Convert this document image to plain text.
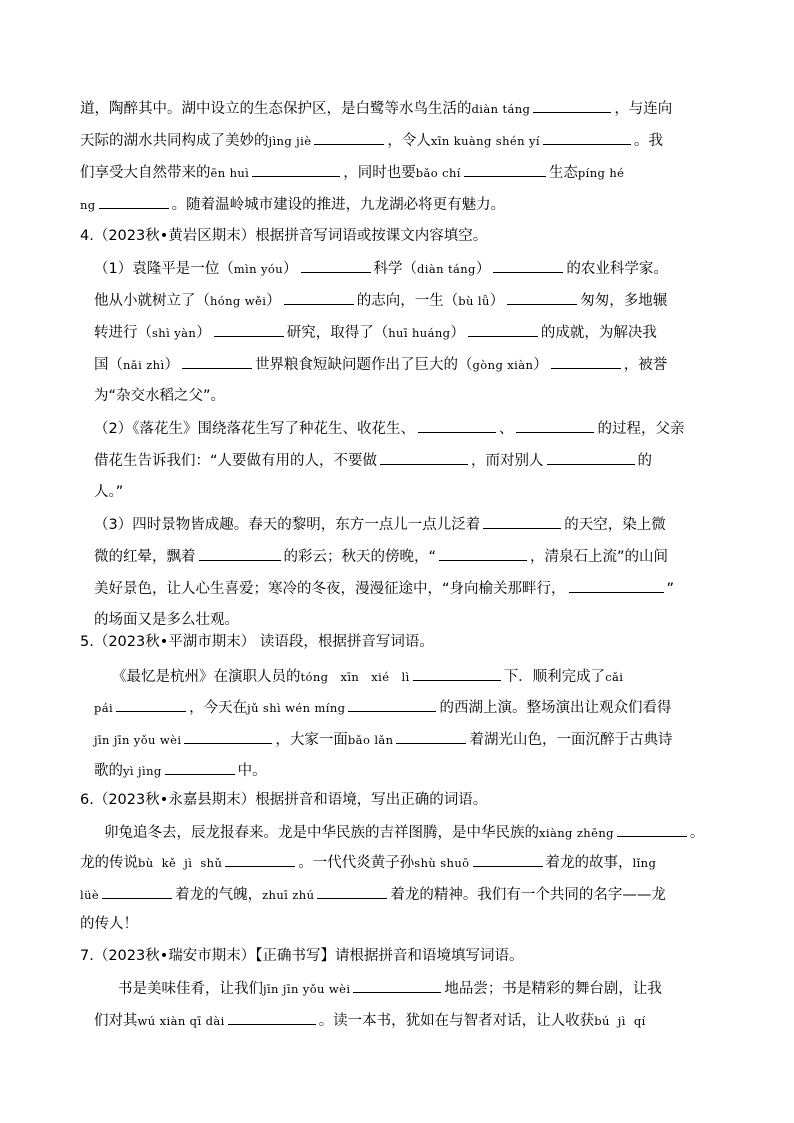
道，陶醉其中。湖中设立的生态保护区，是白鹭等水鸟生活的diàn táng	，与连向
天际的湖水共同构成了美妙的jìng jiè	，令人xīn kuàng shén yí	。我
们享受大自然带来的ēn huì	，同时也要bǎo chí	生态píng hé
ng	。随着温岭城市建设的推进，九龙湖必将更有魅力。
4.（2023秋•黄岩区期末）根据拼音写词语或按课文内容填空。
（1）袁隆平是一位（mìn yóu）	科学（diàn táng）	的农业科学家。
他从小就树立了（hóng wěi）	的志向，一生（bù lǚ）	匆匆，多地辗
转进行（shì yàn）	研究，取得了（huī huáng）	的成就，为解决我
国（nǎi zhì）	世界粮食短缺问题作出了巨大的（gòng xiàn）	，被誉
为“杂交水稻之父”。
（2）《落花生》围绕落花生写了种花生、收花生、	、	的过程，父亲
借花生告诉我们：“人要做有用的人，不要做	，而对别人	的
人。”
（3）四时景物皆成趣。春天的黎明，东方一点儿一点儿泛着	的天空，染上微
微的红晕，飘着	的彩云；秋天的傍晚，“	，清泉石上流”的山间
美好景色，让人心生喜爱；寒冷的冬夜，漫漫征途中，“身向榆关那畔行，	”
的场面又是多么壮观。
5.（2023秋•平湖市期末） 读语段，根据拼音写词语。
《最忆是杭州》在演职人员的tóng xīn xié lì	下．顺利完成了cǎi
pái	，今天在jǔ shì wén míng	的西湖上演。整场演出让观众们看得
jīn jīn yǒu wèi	，大家一面bǎo lǎn	着湖光山色，一面沉醉于古典诗
歌的yì jìng	中。
6.（2023秋•永嘉县期末）根据拼音和语境，写出正确的词语。
卯兔追冬去，辰龙报春来。龙是中华民族的吉祥图腾，是中华民族的xiàng zhēng	。
龙的传说bù kě jì shǔ	。一代代炎黄子孙shù shuō	着龙的故事，lǐng
lüè	着龙的气魄，zhuī zhú	着龙的精神。我们有一个共同的名字——龙
的传人！
7.（2023秋•瑞安市期末）【正确书写】请根据拼音和语境填写词语。
书是美味佳肴，让我们jīn jīn yǒu wèi	地品尝；书是精彩的舞台剧，让我
们对其wú xiàn qī dài	。读一本书，犹如在与智者对话，让人收获bú jì qí
